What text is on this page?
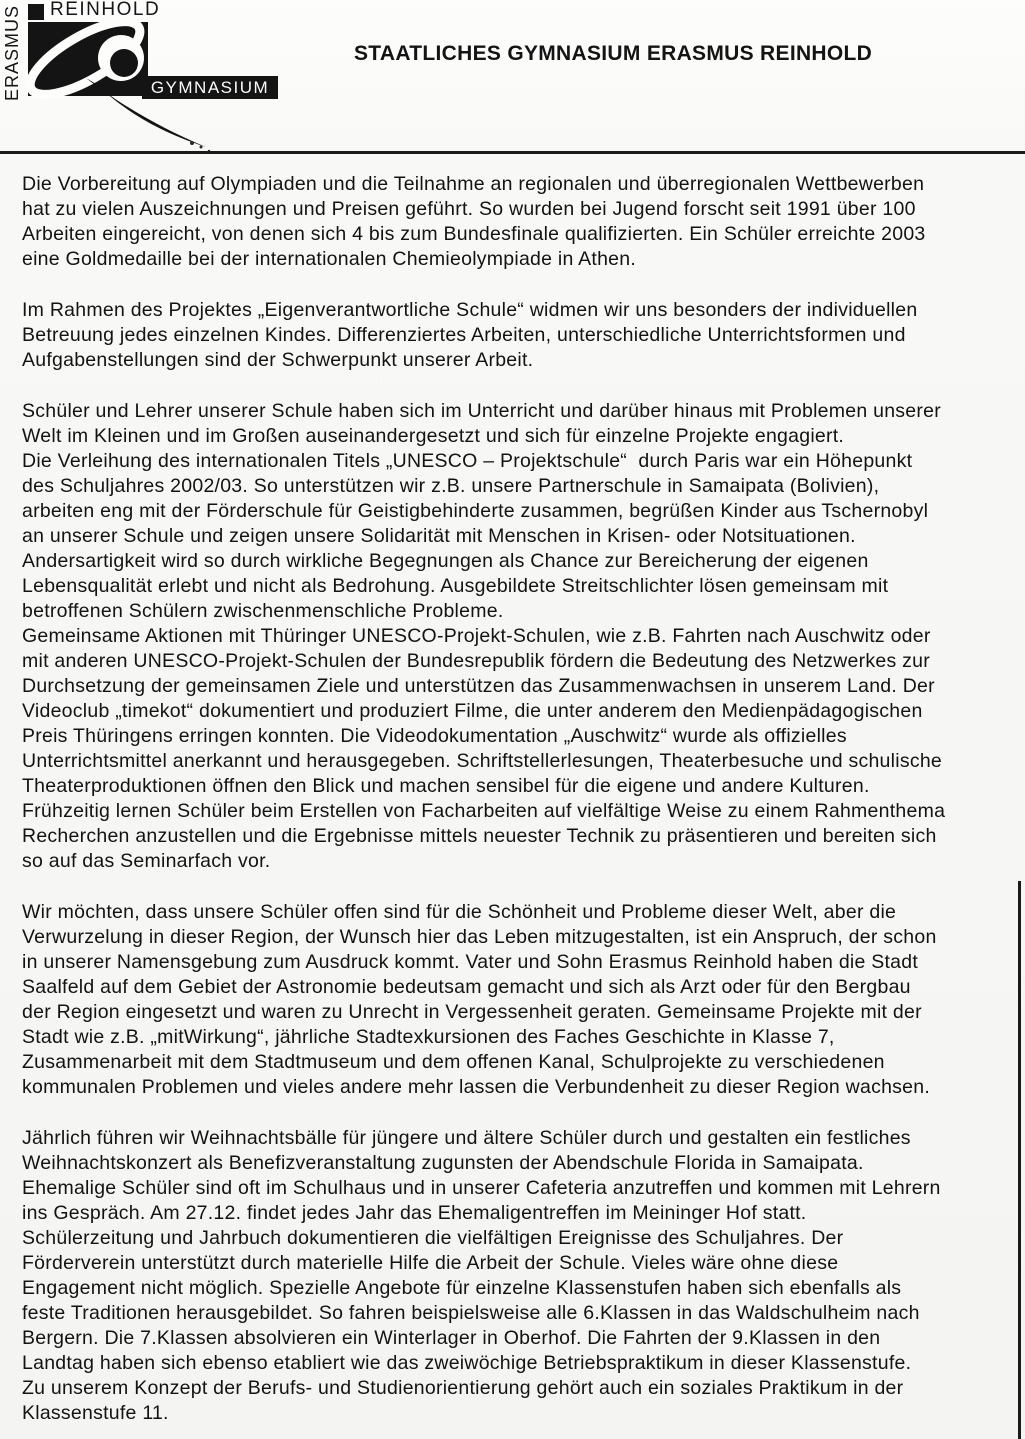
ERASMUS REINHOLD
GYMNASIUM
STAATLICHES GYMNASIUM ERASMUS REINHOLD

Die Vorbereitung auf Olympiaden und die Teilnahme an regionalen und überregionalen Wettbewerben
hat zu vielen Auszeichnungen und Preisen geführt. So wurden bei Jugend forscht seit 1991 über 100
Arbeiten eingereicht, von denen sich 4 bis zum Bundesfinale qualifizierten. Ein Schüler erreichte 2003
eine Goldmedaille bei der internationalen Chemieolympiade in Athen.

Im Rahmen des Projektes „Eigenverantwortliche Schule“ widmen wir uns besonders der individuellen
Betreuung jedes einzelnen Kindes. Differenziertes Arbeiten, unterschiedliche Unterrichtsformen und
Aufgabenstellungen sind der Schwerpunkt unserer Arbeit.

Schüler und Lehrer unserer Schule haben sich im Unterricht und darüber hinaus mit Problemen unserer
Welt im Kleinen und im Großen auseinandergesetzt und sich für einzelne Projekte engagiert.
Die Verleihung des internationalen Titels „UNESCO – Projektschule“  durch Paris war ein Höhepunkt
des Schuljahres 2002/03. So unterstützen wir z.B. unsere Partnerschule in Samaipata (Bolivien),
arbeiten eng mit der Förderschule für Geistigbehinderte zusammen, begrüßen Kinder aus Tschernobyl
an unserer Schule und zeigen unsere Solidarität mit Menschen in Krisen- oder Notsituationen.
Andersartigkeit wird so durch wirkliche Begegnungen als Chance zur Bereicherung der eigenen
Lebensqualität erlebt und nicht als Bedrohung. Ausgebildete Streitschlichter lösen gemeinsam mit
betroffenen Schülern zwischenmenschliche Probleme.
Gemeinsame Aktionen mit Thüringer UNESCO-Projekt-Schulen, wie z.B. Fahrten nach Auschwitz oder
mit anderen UNESCO-Projekt-Schulen der Bundesrepublik fördern die Bedeutung des Netzwerkes zur
Durchsetzung der gemeinsamen Ziele und unterstützen das Zusammenwachsen in unserem Land. Der
Videoclub „timekot“ dokumentiert und produziert Filme, die unter anderem den Medienpädagogischen
Preis Thüringens erringen konnten. Die Videodokumentation „Auschwitz“ wurde als offizielles
Unterrichtsmittel anerkannt und herausgegeben. Schriftstellerlesungen, Theaterbesuche und schulische
Theaterproduktionen öffnen den Blick und machen sensibel für die eigene und andere Kulturen.
Frühzeitig lernen Schüler beim Erstellen von Facharbeiten auf vielfältige Weise zu einem Rahmenthema
Recherchen anzustellen und die Ergebnisse mittels neuester Technik zu präsentieren und bereiten sich
so auf das Seminarfach vor.

Wir möchten, dass unsere Schüler offen sind für die Schönheit und Probleme dieser Welt, aber die
Verwurzelung in dieser Region, der Wunsch hier das Leben mitzugestalten, ist ein Anspruch, der schon
in unserer Namensgebung zum Ausdruck kommt. Vater und Sohn Erasmus Reinhold haben die Stadt
Saalfeld auf dem Gebiet der Astronomie bedeutsam gemacht und sich als Arzt oder für den Bergbau
der Region eingesetzt und waren zu Unrecht in Vergessenheit geraten. Gemeinsame Projekte mit der
Stadt wie z.B. „mitWirkung“, jährliche Stadtexkursionen des Faches Geschichte in Klasse 7,
Zusammenarbeit mit dem Stadtmuseum und dem offenen Kanal, Schulprojekte zu verschiedenen
kommunalen Problemen und vieles andere mehr lassen die Verbundenheit zu dieser Region wachsen.

Jährlich führen wir Weihnachtsbälle für jüngere und ältere Schüler durch und gestalten ein festliches
Weihnachtskonzert als Benefizveranstaltung zugunsten der Abendschule Florida in Samaipata.
Ehemalige Schüler sind oft im Schulhaus und in unserer Cafeteria anzutreffen und kommen mit Lehrern
ins Gespräch. Am 27.12. findet jedes Jahr das Ehemaligentreffen im Meininger Hof statt.
Schülerzeitung und Jahrbuch dokumentieren die vielfältigen Ereignisse des Schuljahres. Der
Förderverein unterstützt durch materielle Hilfe die Arbeit der Schule. Vieles wäre ohne diese
Engagement nicht möglich. Spezielle Angebote für einzelne Klassenstufen haben sich ebenfalls als
feste Traditionen herausgebildet. So fahren beispielsweise alle 6.Klassen in das Waldschulheim nach
Bergern. Die 7.Klassen absolvieren ein Winterlager in Oberhof. Die Fahrten der 9.Klassen in den
Landtag haben sich ebenso etabliert wie das zweiwöchige Betriebspraktikum in dieser Klassenstufe.
Zu unserem Konzept der Berufs- und Studienorientierung gehört auch ein soziales Praktikum in der
Klassenstufe 11.
